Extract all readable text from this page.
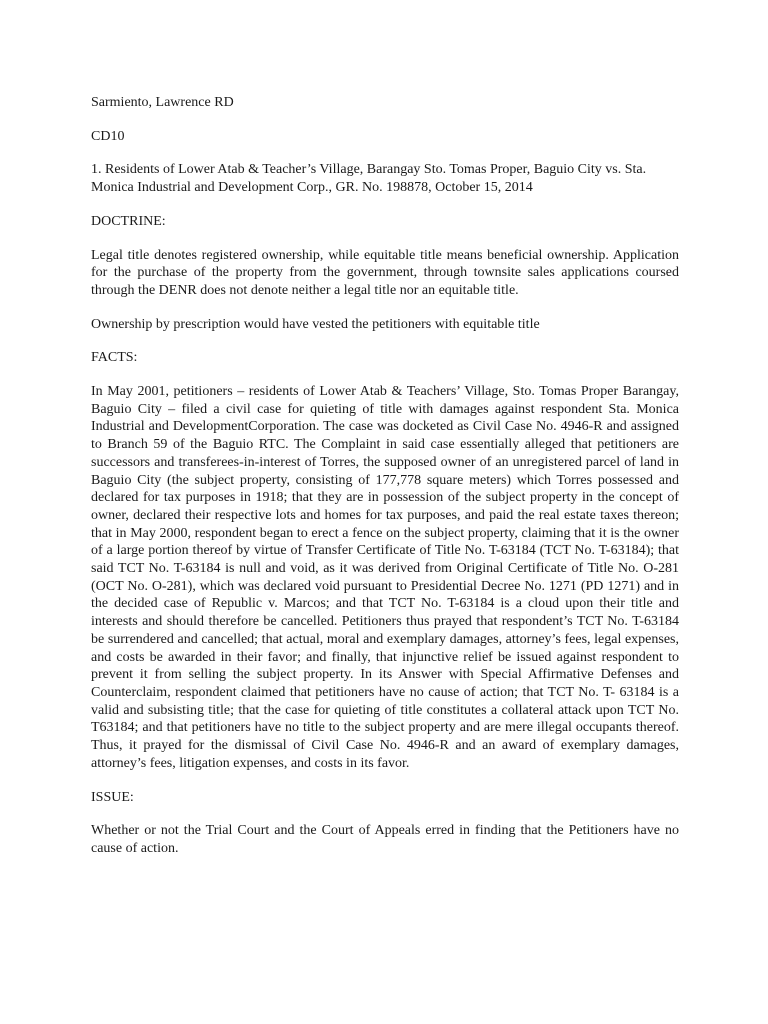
Sarmiento, Lawrence RD

CD10

1. Residents of Lower Atab & Teacher’s Village, Barangay Sto. Tomas Proper, Baguio City vs. Sta. Monica Industrial and Development Corp., GR. No. 198878, October 15, 2014

DOCTRINE:

Legal title denotes registered ownership, while equitable title means beneficial ownership. Application for the purchase of the property from the government, through townsite sales applications coursed through the DENR does not denote neither a legal title nor an equitable title.

Ownership by prescription would have vested the petitioners with equitable title

FACTS:

In May 2001, petitioners – residents of Lower Atab & Teachers’ Village, Sto. Tomas Proper Barangay, Baguio City – filed a civil case for quieting of title with damages against respondent Sta. Monica Industrial and DevelopmentCorporation. The case was docketed as Civil Case No. 4946-R and assigned to Branch 59 of the Baguio RTC. The Complaint in said case essentially alleged that petitioners are successors and transferees-in-interest of Torres, the supposed owner of an unregistered parcel of land in Baguio City (the subject property, consisting of 177,778 square meters) which Torres possessed and declared for tax purposes in 1918; that they are in possession of the subject property in the concept of owner, declared their respective lots and homes for tax purposes, and paid the real estate taxes thereon; that in May 2000, respondent began to erect a fence on the subject property, claiming that it is the owner of a large portion thereof by virtue of Transfer Certificate of Title No. T-63184 (TCT No. T-63184); that said TCT No. T-63184 is null and void, as it was derived from Original Certificate of Title No. O-281 (OCT No. O-281), which was declared void pursuant to Presidential Decree No. 1271 (PD 1271) and in the decided case of Republic v. Marcos; and that TCT No. T-63184 is a cloud upon their title and interests and should therefore be cancelled. Petitioners thus prayed that respondent’s TCT No. T-63184 be surrendered and cancelled; that actual, moral and exemplary damages, attorney’s fees, legal expenses, and costs be awarded in their favor; and finally, that injunctive relief be issued against respondent to prevent it from selling the subject property. In its Answer with Special Affirmative Defenses and Counterclaim, respondent claimed that petitioners have no cause of action; that TCT No. T- 63184 is a valid and subsisting title; that the case for quieting of title constitutes a collateral attack upon TCT No. T63184; and that petitioners have no title to the subject property and are mere illegal occupants thereof. Thus, it prayed for the dismissal of Civil Case No. 4946-R and an award of exemplary damages, attorney’s fees, litigation expenses, and costs in its favor.

ISSUE:

Whether or not the Trial Court and the Court of Appeals erred in finding that the Petitioners have no cause of action.
